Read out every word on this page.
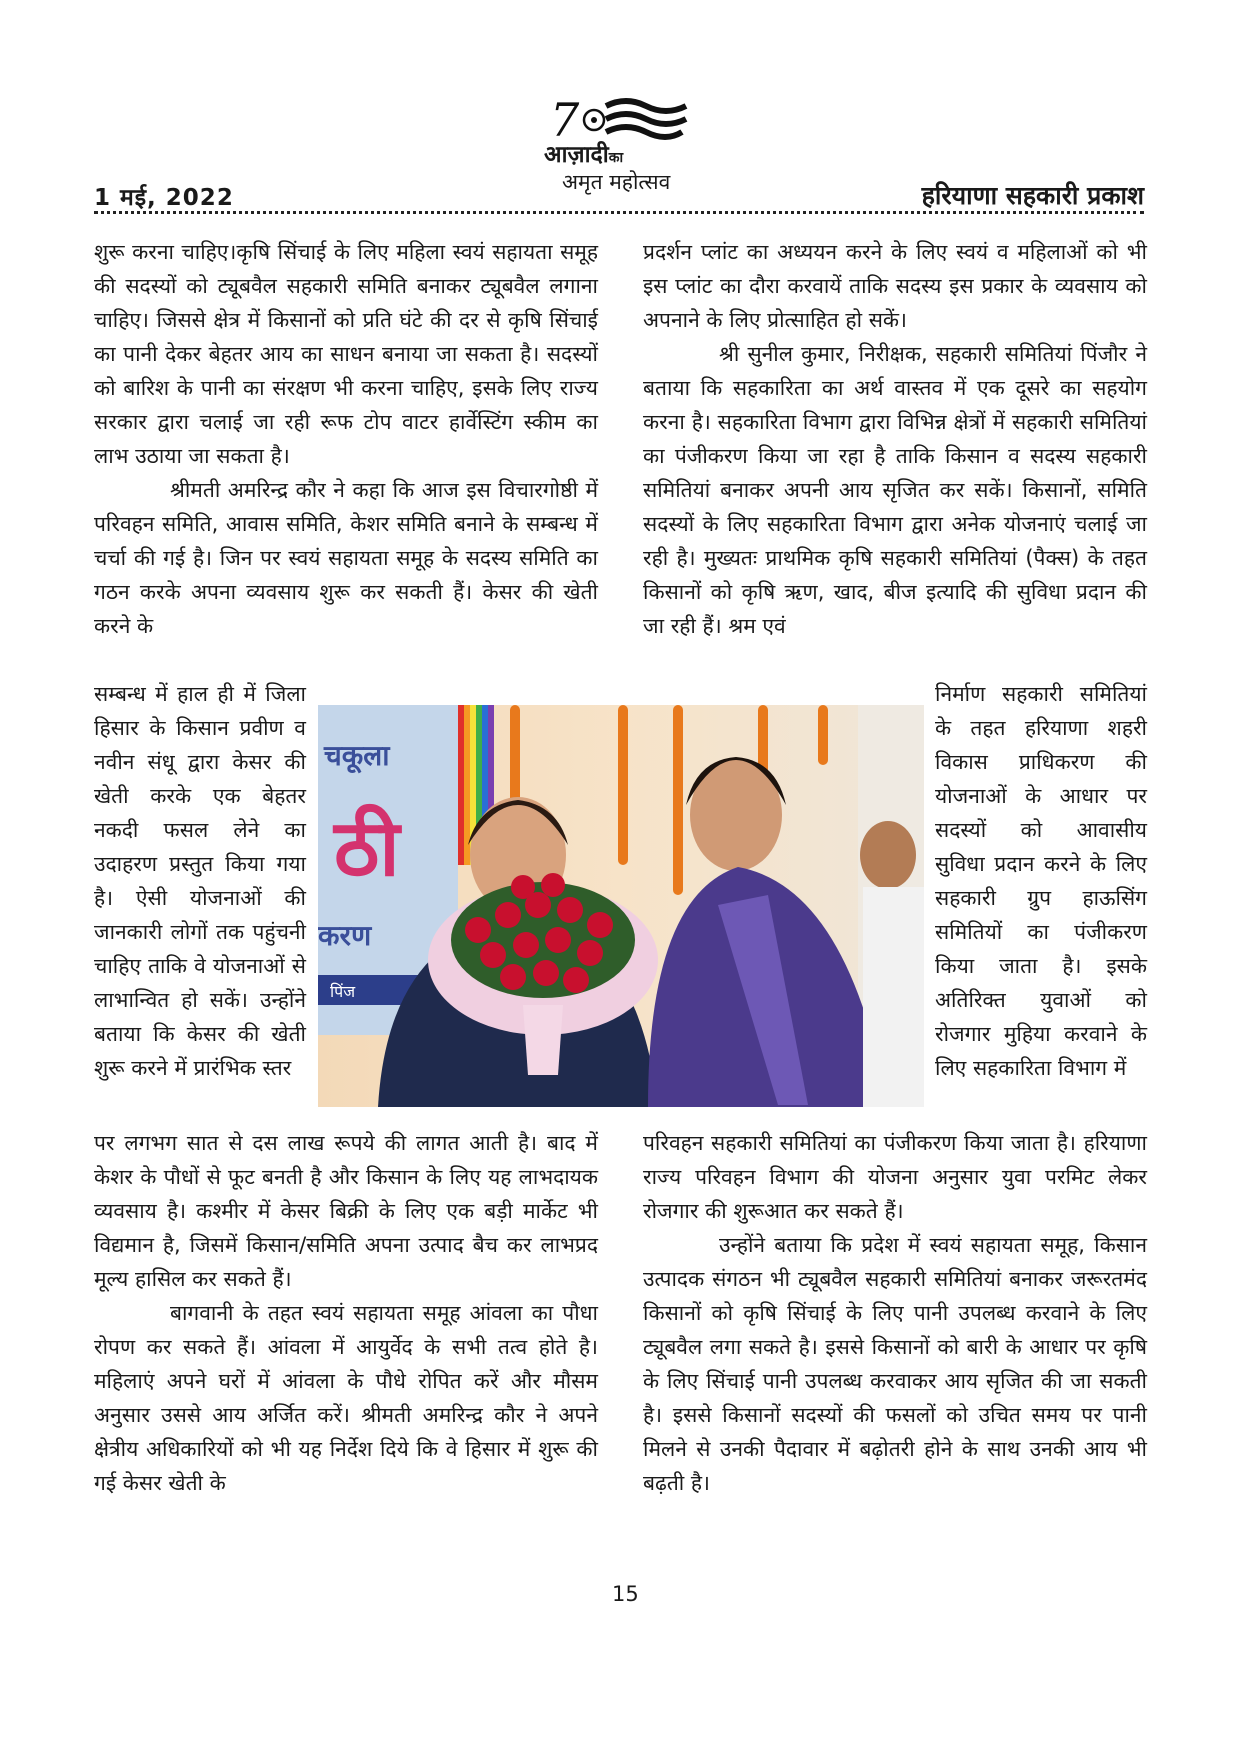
7
आज़ादीका
अमृत महोत्सव
1 मई, 2022	हरियाणा सहकारी प्रकाश

शुरू करना चाहिए।कृषि सिंचाई के लिए महिला स्वयं सहायता समूह की सदस्यों को ट्यूबवैल सहकारी समिति बनाकर ट्यूबवैल लगाना चाहिए। जिससे क्षेत्र में किसानों को प्रति घंटे की दर से कृषि सिंचाई का पानी देकर बेहतर आय का साधन बनाया जा सकता है। सदस्यों को बारिश के पानी का संरक्षण भी करना चाहिए, इसके लिए राज्य सरकार द्वारा चलाई जा रही रूफ टोप वाटर हार्वेस्टिंग स्कीम का लाभ उठाया जा सकता है।

श्रीमती अमरिन्द्र कौर ने कहा कि आज इस विचारगोष्ठी में परिवहन समिति, आवास समिति, केशर समिति बनाने के सम्बन्ध में चर्चा की गई है। जिन पर स्वयं सहायता समूह के सदस्य समिति का गठन करके अपना व्यवसाय शुरू कर सकती हैं। केसर की खेती करने के

प्रदर्शन प्लांट का अध्ययन करने के लिए स्वयं व महिलाओं को भी इस प्लांट का दौरा करवायें ताकि सदस्य इस प्रकार के व्यवसाय को अपनाने के लिए प्रोत्साहित हो सकें।

श्री सुनील कुमार, निरीक्षक, सहकारी समितियां पिंजौर ने बताया कि सहकारिता का अर्थ वास्तव में एक दूसरे का सहयोग करना है। सहकारिता विभाग द्वारा विभिन्न क्षेत्रों में सहकारी समितियां का पंजीकरण किया जा रहा है ताकि किसान व सदस्य सहकारी समितियां बनाकर अपनी आय सृजित कर सकें। किसानों, समिति सदस्यों के लिए सहकारिता विभाग द्वारा अनेक योजनाएं चलाई जा रही है। मुख्यतः प्राथमिक कृषि सहकारी समितियां (पैक्स) के तहत किसानों को कृषि ऋण, खाद, बीज इत्यादि की सुविधा प्रदान की जा रही हैं। श्रम एवं

सम्बन्ध में हाल ही में जिला हिसार के किसान प्रवीण व नवीन संधू द्वारा केसर की खेती करके एक बेहतर नकदी फसल लेने का उदाहरण प्रस्तुत किया गया है। ऐसी योजनाओं की जानकारी लोगों तक पहुंचनी चाहिए ताकि वे योजनाओं से लाभान्वित हो सकें। उन्होंने बताया कि केसर की खेती शुरू करने में प्रारंभिक स्तर

निर्माण सहकारी समितियां के तहत हरियाणा शहरी विकास प्राधिकरण की योजनाओं के आधार पर सदस्यों को आवासीय सुविधा प्रदान करने के लिए सहकारी ग्रुप हाऊसिंग समितियों का पंजीकरण किया जाता है। इसके अतिरिक्त युवाओं को रोजगार मुहिया करवाने के लिए सहकारिता विभाग में

चकूला
ठी
करण
पिंज

पर लगभग सात से दस लाख रूपये की लागत आती है। बाद में केशर के पौधों से फूट बनती है और किसान के लिए यह लाभदायक व्यवसाय है। कश्मीर में केसर बिक्री के लिए एक बड़ी मार्केट भी विद्यमान है, जिसमें किसान/समिति अपना उत्पाद बैच कर लाभप्रद मूल्य हासिल कर सकते हैं।

बागवानी के तहत स्वयं सहायता समूह आंवला का पौधा रोपण कर सकते हैं। आंवला में आयुर्वेद के सभी तत्व होते है। महिलाएं अपने घरों में आंवला के पौधे रोपित करें और मौसम अनुसार उससे आय अर्जित करें। श्रीमती अमरिन्द्र कौर ने अपने क्षेत्रीय अधिकारियों को भी यह निर्देश दिये कि वे हिसार में शुरू की गई केसर खेती के

परिवहन सहकारी समितियां का पंजीकरण किया जाता है। हरियाणा राज्य परिवहन विभाग की योजना अनुसार युवा परमिट लेकर रोजगार की शुरूआत कर सकते हैं।

उन्होंने बताया कि प्रदेश में स्वयं सहायता समूह, किसान उत्पादक संगठन भी ट्यूबवैल सहकारी समितियां बनाकर जरूरतमंद किसानों को कृषि सिंचाई के लिए पानी उपलब्ध करवाने के लिए ट्यूबवैल लगा सकते है। इससे किसानों को बारी के आधार पर कृषि के लिए सिंचाई पानी उपलब्ध करवाकर आय सृजित की जा सकती है। इससे किसानों सदस्यों की फसलों को उचित समय पर पानी मिलने से उनकी पैदावार में बढ़ोतरी होने के साथ उनकी आय भी बढ़ती है।

15
